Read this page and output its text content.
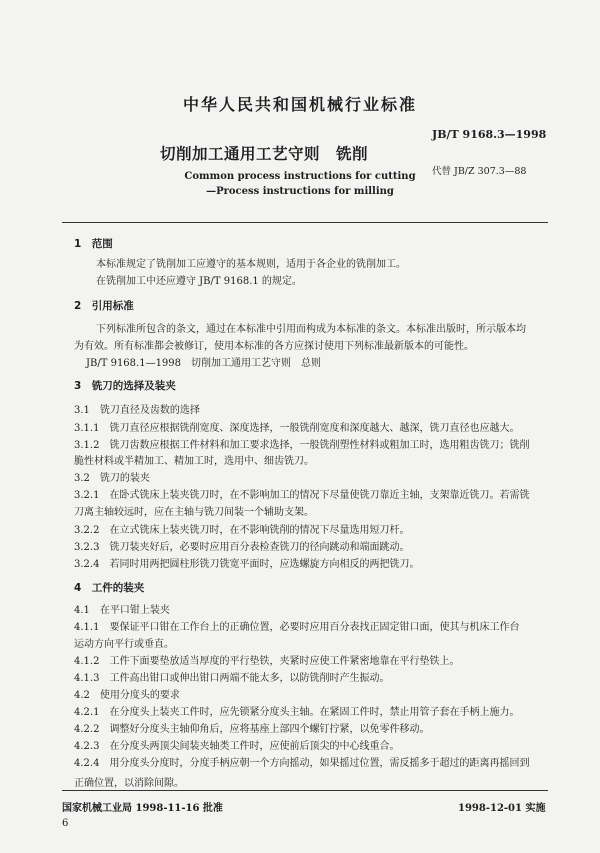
中华人民共和国机械行业标准
JB/T 9168.3—1998
切削加工通用工艺守则　铣削
代替 JB/Z 307.3—88
Common process instructions for cutting
—Process instructions for milling
1　范围
本标准规定了铣削加工应遵守的基本规则，适用于各企业的铣削加工。
在铣削加工中还应遵守 JB/T 9168.1 的规定。
2　引用标准
下列标准所包含的条文，通过在本标准中引用而构成为本标准的条文。本标准出版时，所示版本均
为有效。所有标准都会被修订，使用本标准的各方应探讨使用下列标准最新版本的可能性。
JB/T 9168.1—1998　切削加工通用工艺守则　总则
3　铣刀的选择及装夹
3.1　铣刀直径及齿数的选择
3.1.1　铣刀直径应根据铣削宽度、深度选择，一般铣削宽度和深度越大、越深，铣刀直径也应越大。
3.1.2　铣刀齿数应根据工件材料和加工要求选择，一般铣削塑性材料或粗加工时，选用粗齿铣刀；铣削
脆性材料或半精加工、精加工时，选用中、细齿铣刀。
3.2　铣刀的装夹
3.2.1　在卧式铣床上装夹铣刀时，在不影响加工的情况下尽量使铣刀靠近主轴，支架靠近铣刀。若需铣
刀离主轴较远时，应在主轴与铣刀间装一个辅助支架。
3.2.2　在立式铣床上装夹铣刀时，在不影响铣削的情况下尽量选用短刀杆。
3.2.3　铣刀装夹好后，必要时应用百分表检查铣刀的径向跳动和端面跳动。
3.2.4　若同时用两把圆柱形铣刀铣宽平面时，应选螺旋方向相反的两把铣刀。
4　工件的装夹
4.1　在平口钳上装夹
4.1.1　要保证平口钳在工作台上的正确位置，必要时应用百分表找正固定钳口面，使其与机床工作台
运动方向平行或垂直。
4.1.2　工件下面要垫放适当厚度的平行垫铁，夹紧时应使工件紧密地靠在平行垫铁上。
4.1.3　工件高出钳口或伸出钳口两端不能太多，以防铣削时产生振动。
4.2　使用分度头的要求
4.2.1　在分度头上装夹工件时，应先锁紧分度头主轴。在紧固工件时，禁止用管子套在手柄上施力。
4.2.2　调整好分度头主轴仰角后，应将基座上部四个螺钉拧紧，以免零件移动。
4.2.3　在分度头两顶尖间装夹轴类工件时，应使前后顶尖的中心线重合。
4.2.4　用分度头分度时，分度手柄应朝一个方向摇动，如果摇过位置，需反摇多于超过的距离再摇回到
正确位置，以消除间隙。
国家机械工业局 1998-11-16 批准	1998-12-01 实施
6
